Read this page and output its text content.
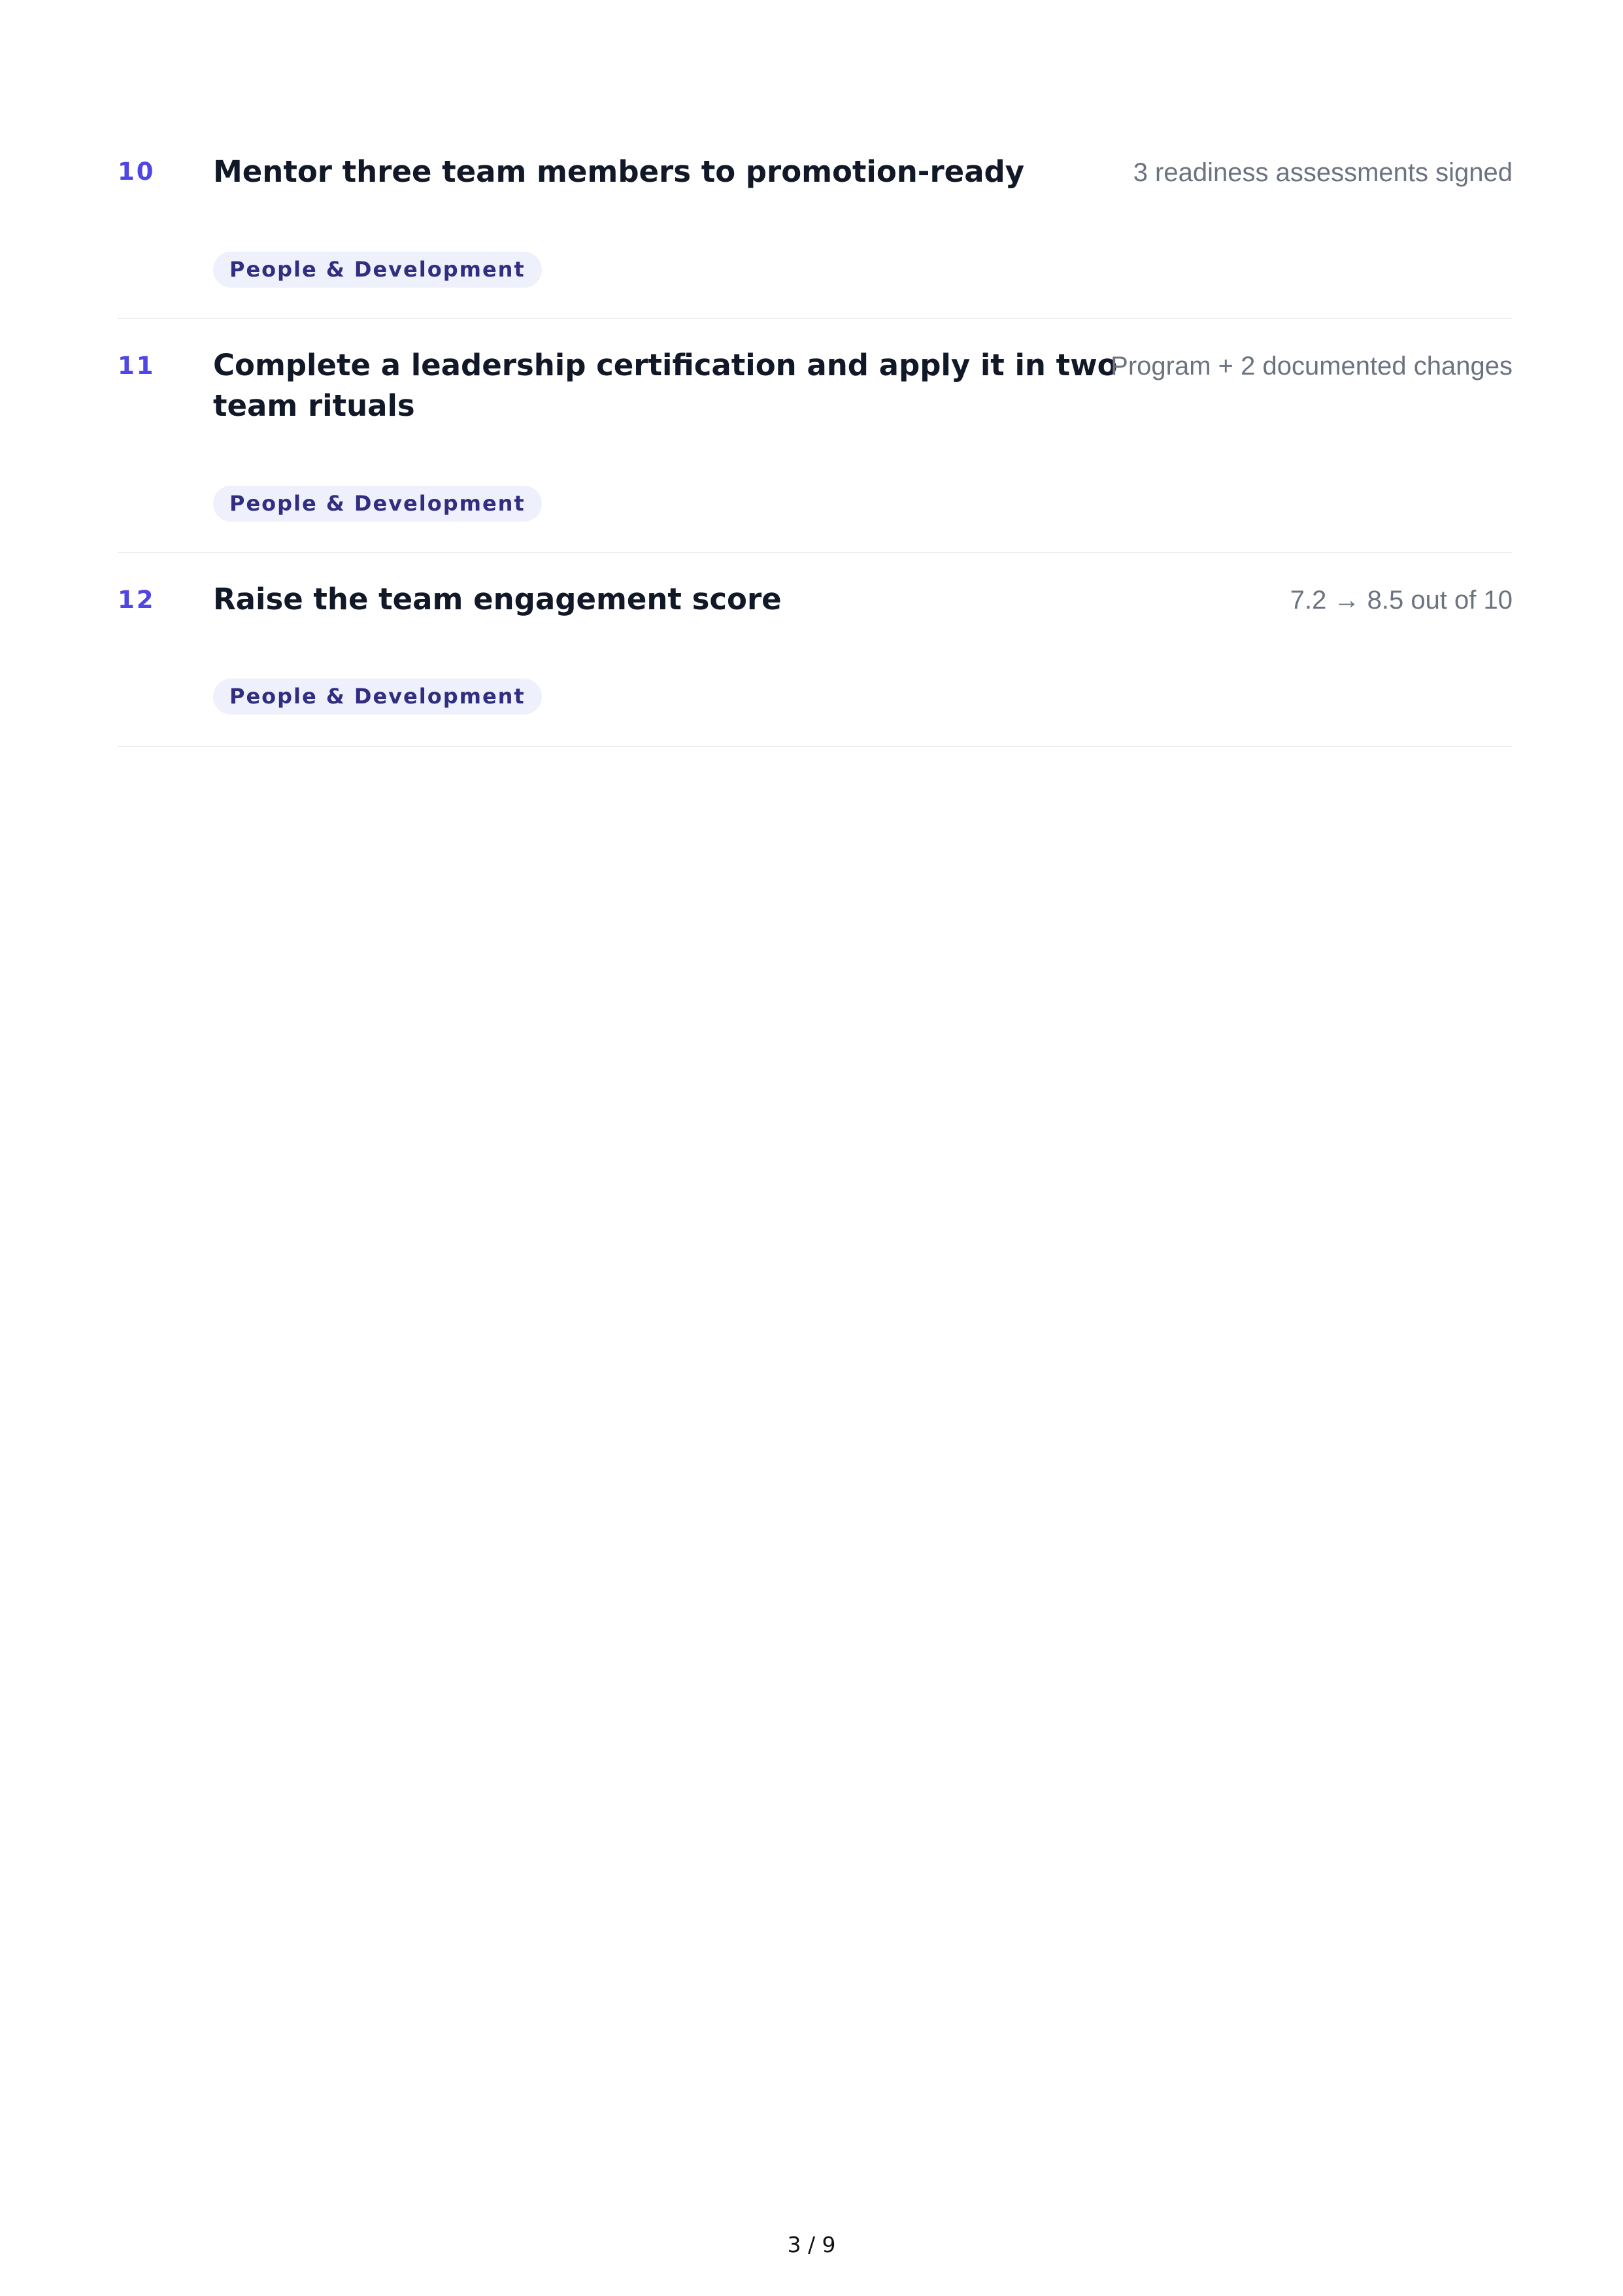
10 Mentor three team members to promotion-ready	3 readiness assessments signed
People & Development
11 Complete a leadership certification and apply it in two team rituals
Program + 2 documented changes
People & Development
12 Raise the team engagement score	7.2 → 8.5 out of 10
People & Development
3 / 9
